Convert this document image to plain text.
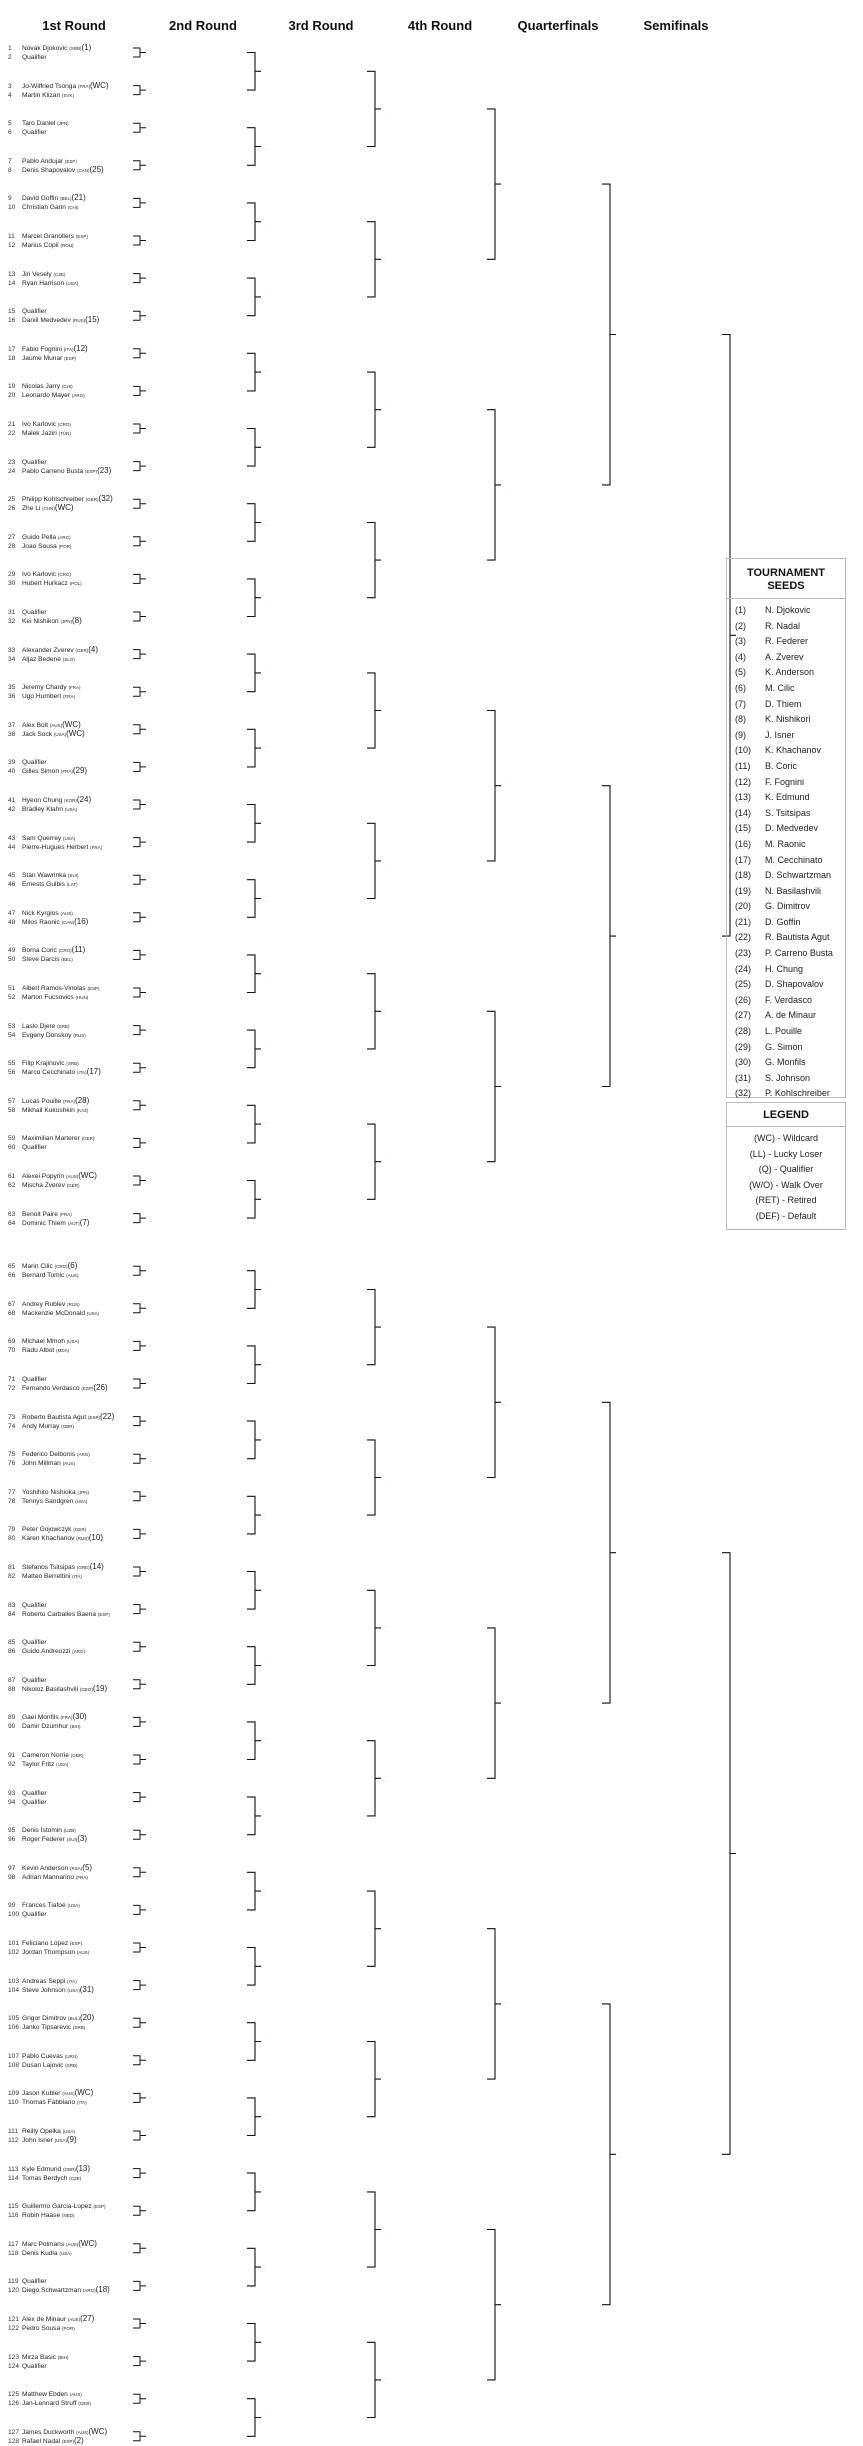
1st Round	2nd Round	3rd Round	4th Round	Quarterfinals	Semifinals
-
-
-
-
-
-
-
-
-
-
-
-
-
-
-
-
-
-
-
-
-
-
-
-
-
-
-
-
-
-
-
-
-
-
-
-
-
-
-
-
-
-
-
-
-
-
-
-
-
-
-
-
-
-
-
-
-
-
-
-
-
-
-
-
-
-
-
-
-
-
-
-
-
-
-
-
-
-
-
-
-
-
-
-
-
-
-
-
-
-
-
-
-
-
-
-
-
-
-
-
-
-
-
-
-
-
-
-
-
-
-
-
-
-
-
-
-
-
-
-
-
-
-
-
-
-
-
-
-
-
-
-
-
-
-
-
-
-
-
-
-
-
-
-
-
-
-
-
-
-
-
-
-
-
-
-
-
-
-
-
-
-
-
-
-
-
-
-
-
-
-
-
-
-
-
-
-
-
-
-
-
-
-
-
-
-
-
-
-
-
-
-
-
-
-
-
-
-
-
-
-
-
-
-
-
-
-
-
-
-
-
-
-
-
-
-
-
-
-
-
-
-
-
-
-
-
-
-
-
-
-
-
-
-
-
-
-
-
-
-
-
-
-
-
-
-
-
-
1 Novak Djokovic (SRB)(1)
2 Qualifier
3 Jo-Wilfried Tsonga (FRA)(WC)
4 Martin Klizan (SVK)
5 Taro Daniel (JPN)
6 Qualifier
7 Pablo Andujar (ESP)
8 Denis Shapovalov (CAN)(25)
9 David Goffin (BEL)(21)
10 Christian Garin (CHI)
11 Marcel Granollers (ESP)
12 Marius Copil (ROU)
13 Jiri Vesely (CZE)
14 Ryan Harrison (USA)
15 Qualifier
16 Daniil Medvedev (RUS)(15)
17 Fabio Fognini (ITA)(12)
18 Jaume Munar (ESP)
19 Nicolas Jarry (CHI)
20 Leonardo Mayer (ARG)
21 Ivo Karlovic (CRO)
22 Malek Jaziri (TUN)
23 Qualifier
24 Pablo Carreno Busta (ESP)(23)
25 Philipp Kohlschreiber (GER)(32)
26 Zhe Li (CHN)(WC)
27 Guido Pella (ARG)
28 Joao Sousa (POR)
29 Ivo Karlovic (CRO)
30 Hubert Hurkacz (POL)
31 Qualifier
32 Kei Nishikori (JPN)(8)
33 Alexander Zverev (GER)(4)
34 Aljaz Bedene (SLO)
35 Jeremy Chardy (FRA)
36 Ugo Humbert (FRA)
37 Alex Bolt (AUS)(WC)
38 Jack Sock (USA)(WC)
39 Qualifier
40 Gilles Simon (FRA)(29)
41 Hyeon Chung (KOR)(24)
42 Bradley Klahn (USA)
43 Sam Querrey (USA)
44 Pierre-Hugues Herbert (FRA)
45 Stan Wawrinka (SUI)
46 Ernests Gulbis (LAT)
47 Nick Kyrgios (AUS)
48 Milos Raonic (CAN)(16)
49 Borna Coric (CRO)(11)
50 Steve Darcis (BEL)
51 Albert Ramos-Vinolas (ESP)
52 Marton Fucsovics (HUN)
53 Laslo Djere (SRB)
54 Evgeny Donskoy (RUS)
55 Filip Krajinovic (SRB)
56 Marco Cecchinato (ITA)(17)
57 Lucas Pouille (FRA)(28)
58 Mikhail Kukushkin (KAZ)
59 Maximilian Marterer (GER)
60 Qualifier
61 Alexei Popyrin (AUS)(WC)
62 Mischa Zverev (GER)
63 Benoit Paire (FRA)
64 Dominic Thiem (AUT)(7)
65 Marin Cilic (CRO)(6)
66 Bernard Tomic (AUS)
67 Andrey Rublev (RUS)
68 Mackenzie McDonald (USA)
69 Michael Mmoh (USA)
70 Radu Albot (MDA)
71 Qualifier
72 Fernando Verdasco (ESP)(26)
73 Roberto Bautista Agut (ESP)(22)
74 Andy Murray (GBR)
75 Federico Delbonis (ARG)
76 John Millman (AUS)
77 Yoshihito Nishioka (JPN)
78 Tennys Sandgren (USA)
79 Peter Gojowczyk (GER)
80 Karen Khachanov (RUS)(10)
81 Stefanos Tsitsipas (GRE)(14)
82 Matteo Berrettini (ITA)
83 Qualifier
84 Roberto Carballes Baena (ESP)
85 Qualifier
86 Guido Andreozzi (ARG)
87 Qualifier
88 Nikoloz Basilashvili (GEO)(19)
89 Gael Monfils (FRA)(30)
90 Damir Dzumhur (BIH)
91 Cameron Norrie (GBR)
92 Taylor Fritz (USA)
93 Qualifier
94 Qualifier
95 Denis Istomin (UZB)
96 Roger Federer (SUI)(3)
97 Kevin Anderson (RSA)(5)
98 Adrian Mannarino (FRA)
99 Frances Tiafoe (USA)
100 Qualifier
101 Feliciano Lopez (ESP)
102 Jordan Thompson (AUS)
103 Andreas Seppi (ITA)
104 Steve Johnson (USA)(31)
105 Grigor Dimitrov (BUL)(20)
106 Janko Tipsarevic (SRB)
107 Pablo Cuevas (URU)
108 Dusan Lajovic (SRB)
109 Jason Kubler (AUS)(WC)
110 Thomas Fabbiano (ITA)
111 Reilly Opelka (USA)
112 John Isner (USA)(9)
113 Kyle Edmund (GBR)(13)
114 Tomas Berdych (CZE)
115 Guillermo Garcia-Lopez (ESP)
116 Robin Haase (NED)
117 Marc Polmans (AUS)(WC)
118 Denis Kudla (USA)
119 Qualifier
120 Diego Schwartzman (ARG)(18)
121 Alex de Minaur (AUS)(27)
122 Pedro Sousa (POR)
123 Mirza Basic (BIH)
124 Qualifier
125 Matthew Ebden (AUS)
126 Jan-Lennard Struff (GER)
127 James Duckworth (AUS)(WC)
128 Rafael Nadal (ESP)(2)
TOURNAMENT SEEDS
(1) N. Djokovic
(2) R. Nadal
(3) R. Federer
(4) A. Zverev
(5) K. Anderson
(6) M. Cilic
(7) D. Thiem
(8) K. Nishikori
(9) J. Isner
(10) K. Khachanov
(11) B. Coric
(12) F. Fognini
(13) K. Edmund
(14) S. Tsitsipas
(15) D. Medvedev
(16) M. Raonic
(17) M. Cecchinato
(18) D. Schwartzman
(19) N. Basilashvili
(20) G. Dimitrov
(21) D. Goffin
(22) R. Bautista Agut
(23) P. Carreno Busta
(24) H. Chung
(25) D. Shapovalov
(26) F. Verdasco
(27) A. de Minaur
(28) L. Pouille
(29) G. Simon
(30) G. Monfils
(31) S. Johnson
(32) P. Kohlschreiber
LEGEND
(WC) - Wildcard
(LL) - Lucky Loser
(Q) - Qualifier
(W/O) - Walk Over
(RET) - Retired
(DEF) - Default
